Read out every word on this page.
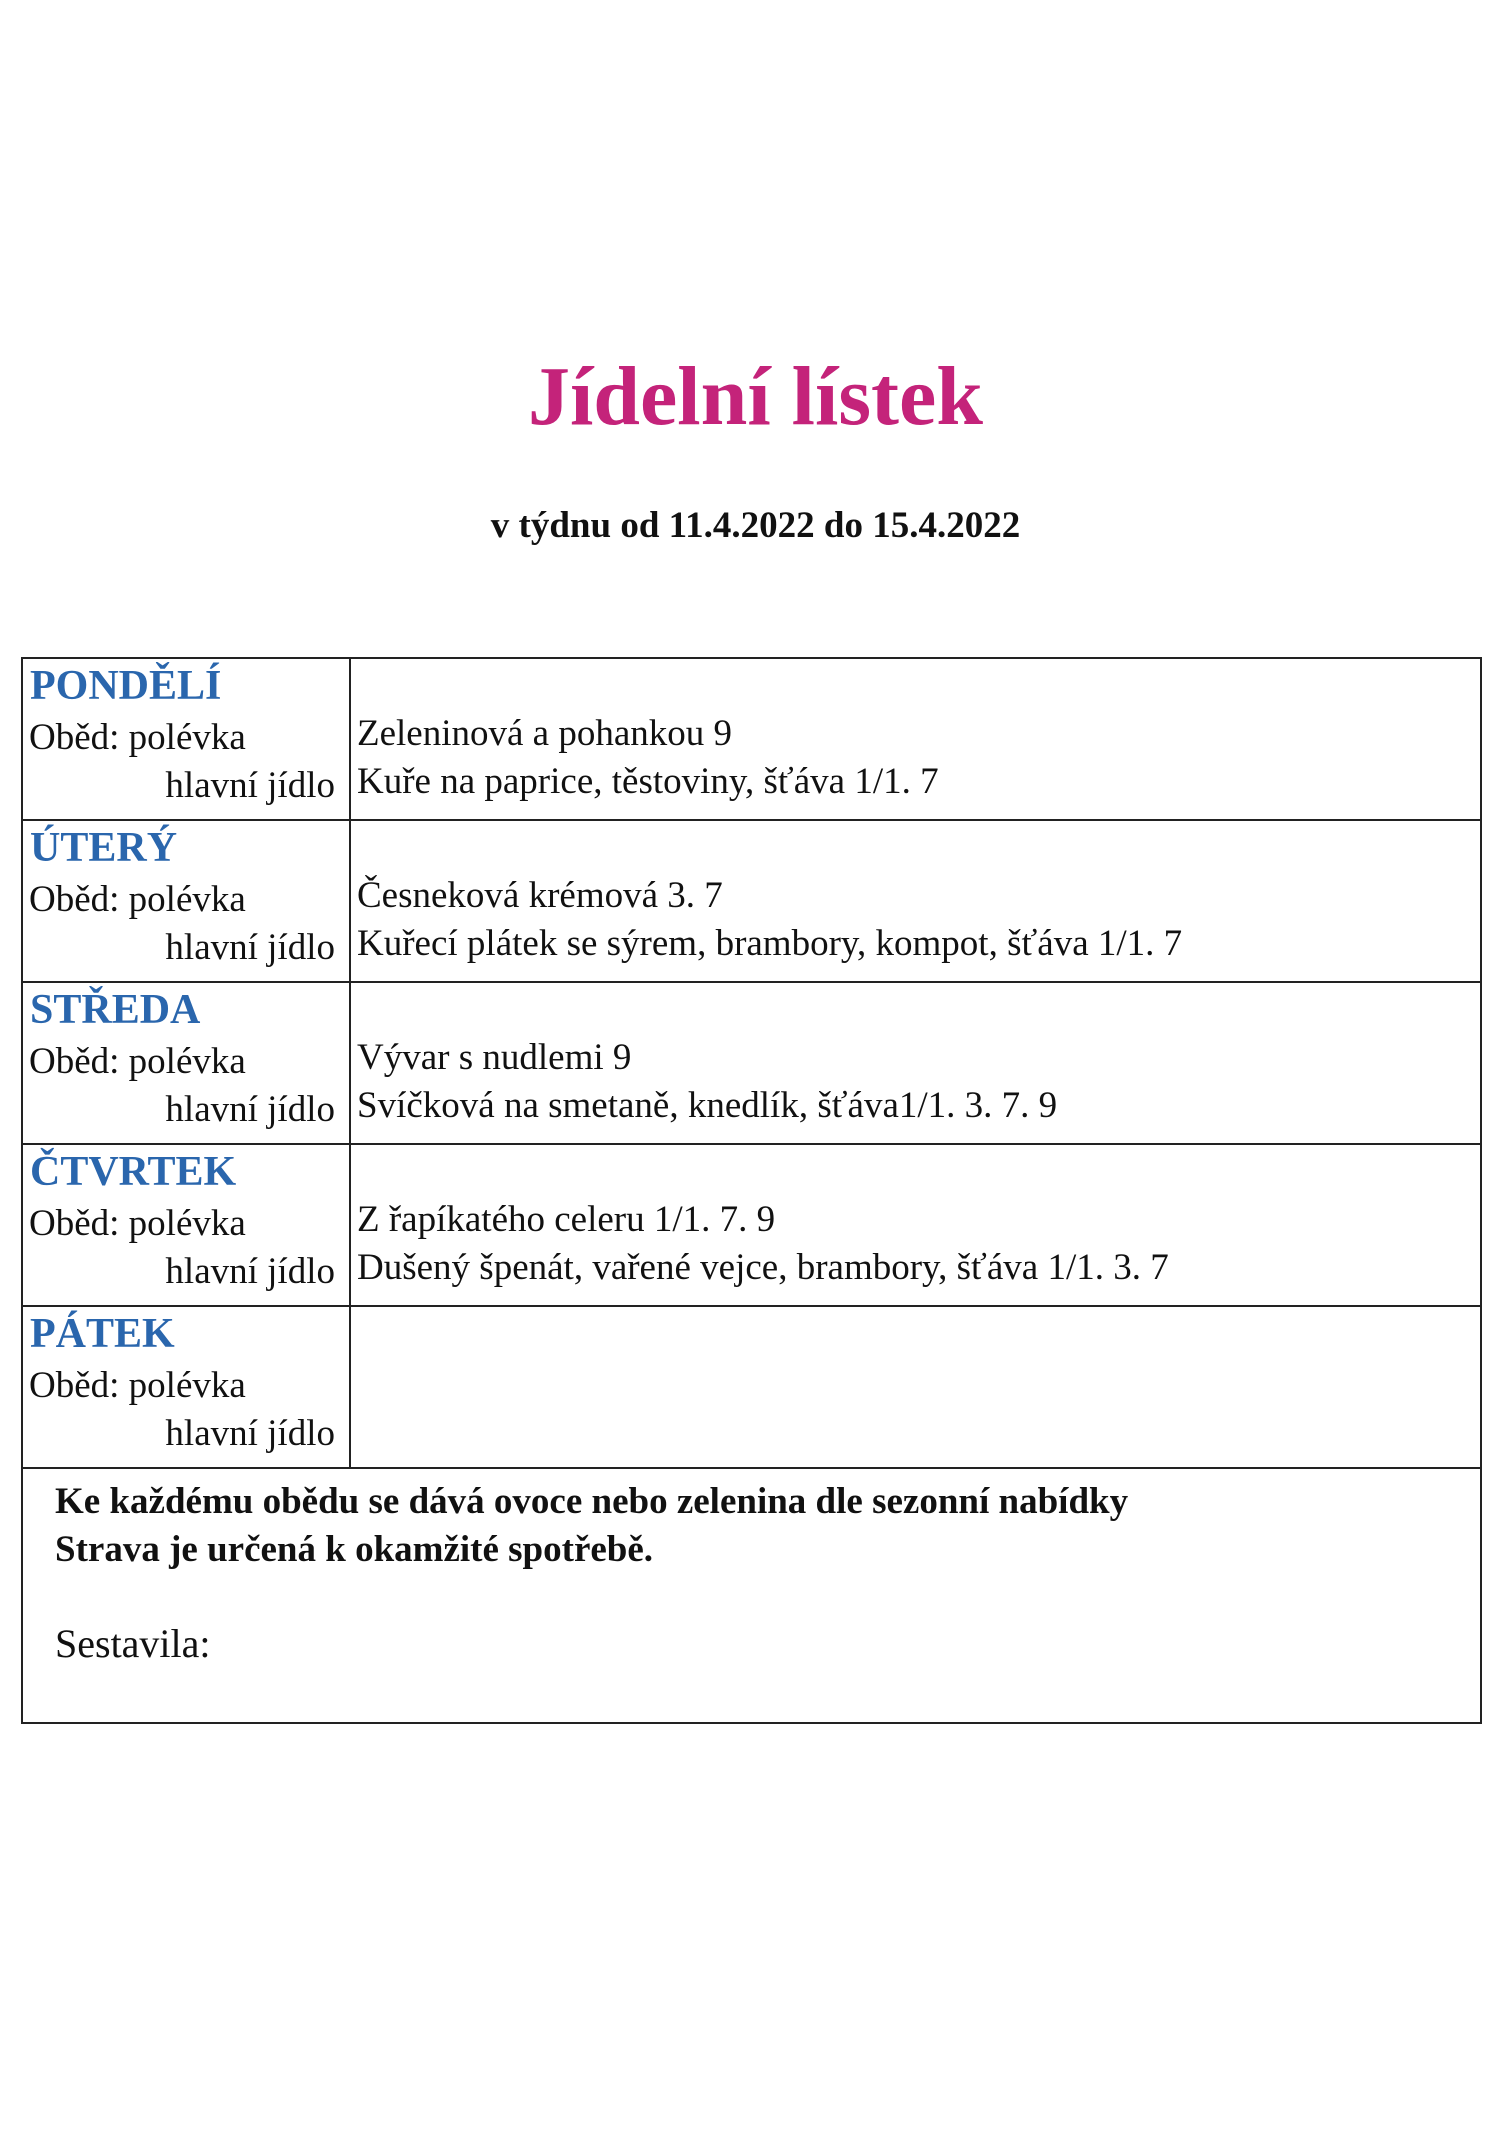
Jídelní lístek
v týdnu od 11.4.2022 do 15.4.2022
PONDĚLÍ
Oběd: polévka
hlavní jídlo
Zeleninová a pohankou 9
Kuře na paprice, těstoviny, šťáva 1/1. 7
ÚTERÝ
Oběd: polévka
hlavní jídlo
Česneková krémová 3. 7
Kuřecí plátek se sýrem, brambory, kompot, šťáva 1/1. 7
STŘEDA
Oběd: polévka
hlavní jídlo
Vývar s nudlemi 9
Svíčková na smetaně, knedlík, šťáva1/1. 3. 7. 9
ČTVRTEK
Oběd: polévka
hlavní jídlo
Z řapíkatého celeru 1/1. 7. 9
Dušený špenát, vařené vejce, brambory, šťáva 1/1. 3. 7
PÁTEK
Oběd: polévka
hlavní jídlo
Ke každému obědu se dává ovoce nebo zelenina dle sezonní nabídky
Strava je určená k okamžité spotřebě.
Sestavila:
